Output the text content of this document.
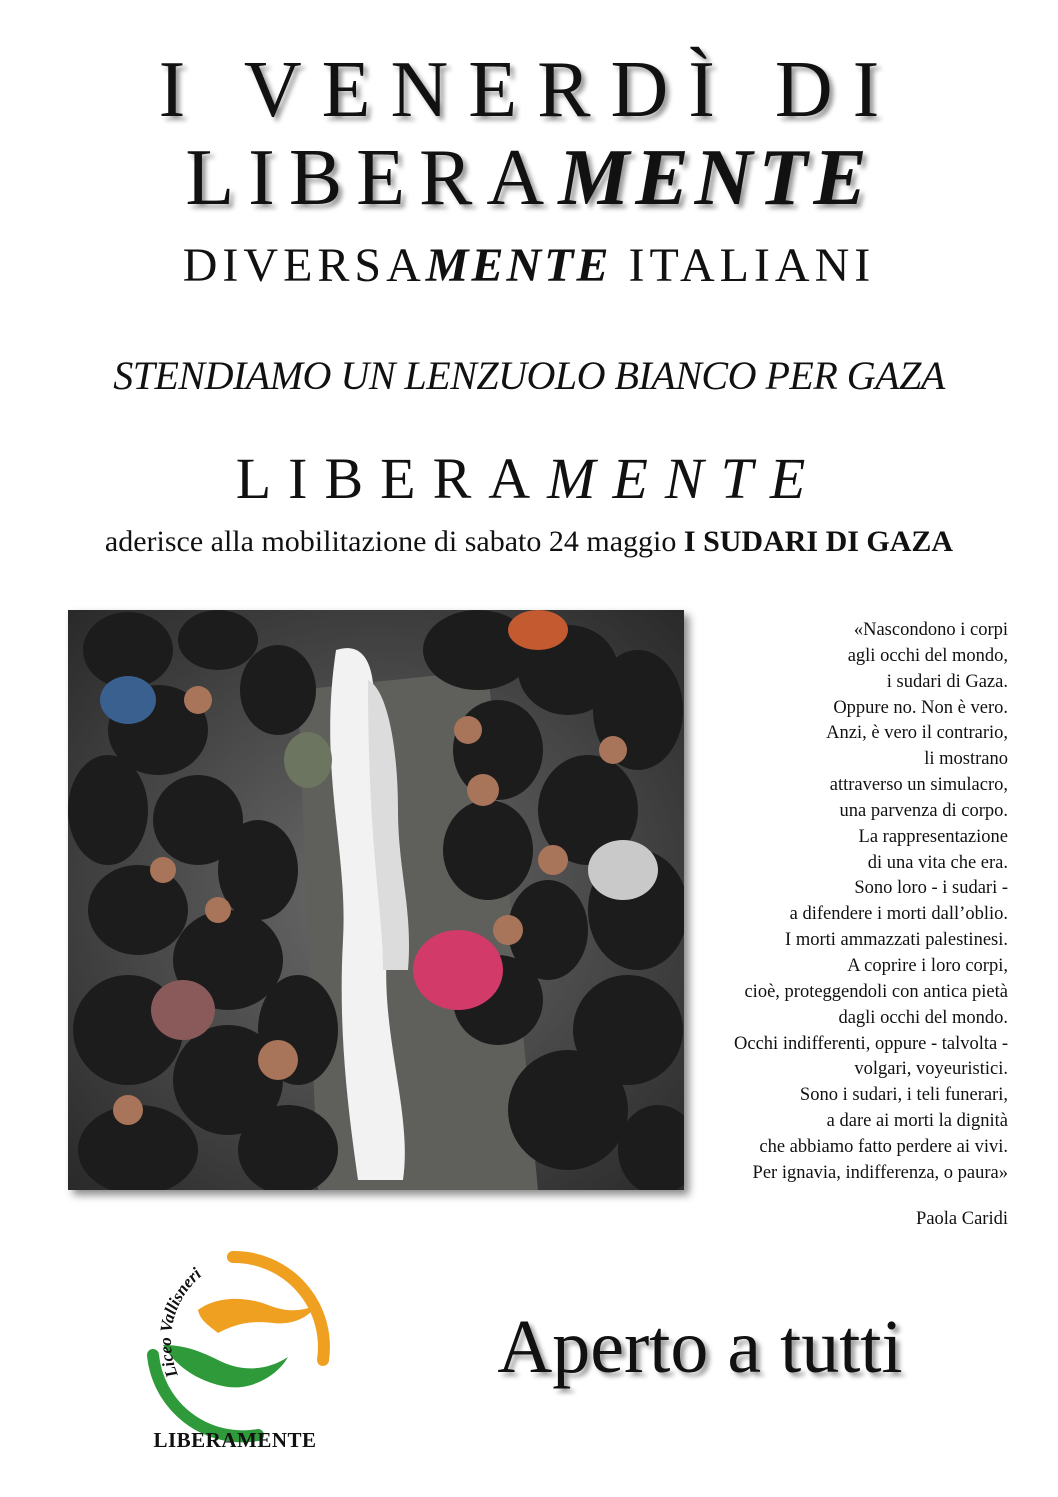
I VENERDÌ DI
LIBERAMENTE
DIVERSAMENTE ITALIANI
STENDIAMO UN LENZUOLO BIANCO PER GAZA
LIBERAMENTE
aderisce alla mobilitazione di sabato 24 maggio I SUDARI DI GAZA
«Nascondono i corpi
agli occhi del mondo,
i sudari di Gaza.
Oppure no. Non è vero.
Anzi, è vero il contrario,
li mostrano
attraverso un simulacro,
una parvenza di corpo.
La rappresentazione
di una vita che era.
Sono loro - i sudari -
a difendere i morti dall’oblio.
I morti ammazzati palestinesi.
A coprire i loro corpi,
cioè, proteggendoli con antica pietà
dagli occhi del mondo.
Occhi indifferenti, oppure - talvolta -
volgari, voyeuristici.
Sono i sudari, i teli funerari,
a dare ai morti la dignità
che abbiamo fatto perdere ai vivi.
Per ignavia, indifferenza, o paura»
Paola Caridi
Liceo Vallisneri
LIBERAMENTE
Aperto a tutti
